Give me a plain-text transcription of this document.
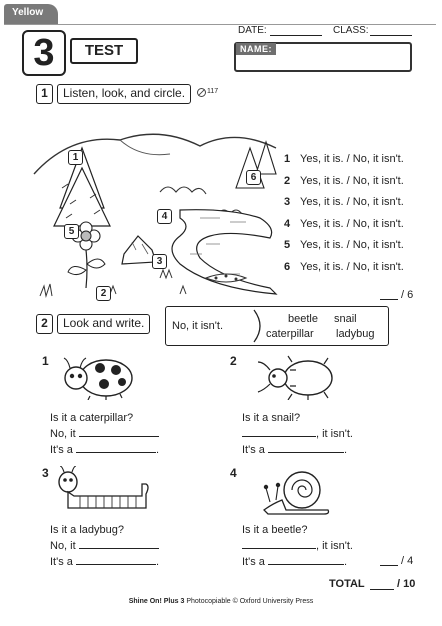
Yellow
3	TEST
DATE:	CLASS:
NAME:
1	Listen, look, and circle.	117
1
2
3
4
5
6
1 Yes, it is. / No, it isn't.
2 Yes, it is. / No, it isn't.
3 Yes, it is. / No, it isn't.
4 Yes, it is. / No, it isn't.
5 Yes, it is. / No, it isn't.
6 Yes, it is. / No, it isn't.
/ 6
2	Look and write.	No, it isn't.
beetle snail
caterpillar ladybug
1
Is it a caterpillar?
No, it
It's a	.
2
Is it a snail?
, it isn't.
It's a	.
3
Is it a ladybug?
No, it
It's a	.
4
Is it a beetle?
, it isn't.
It's a	.	/ 4
TOTAL	/ 10
Shine On! Plus 3 Photocopiable © Oxford University Press
